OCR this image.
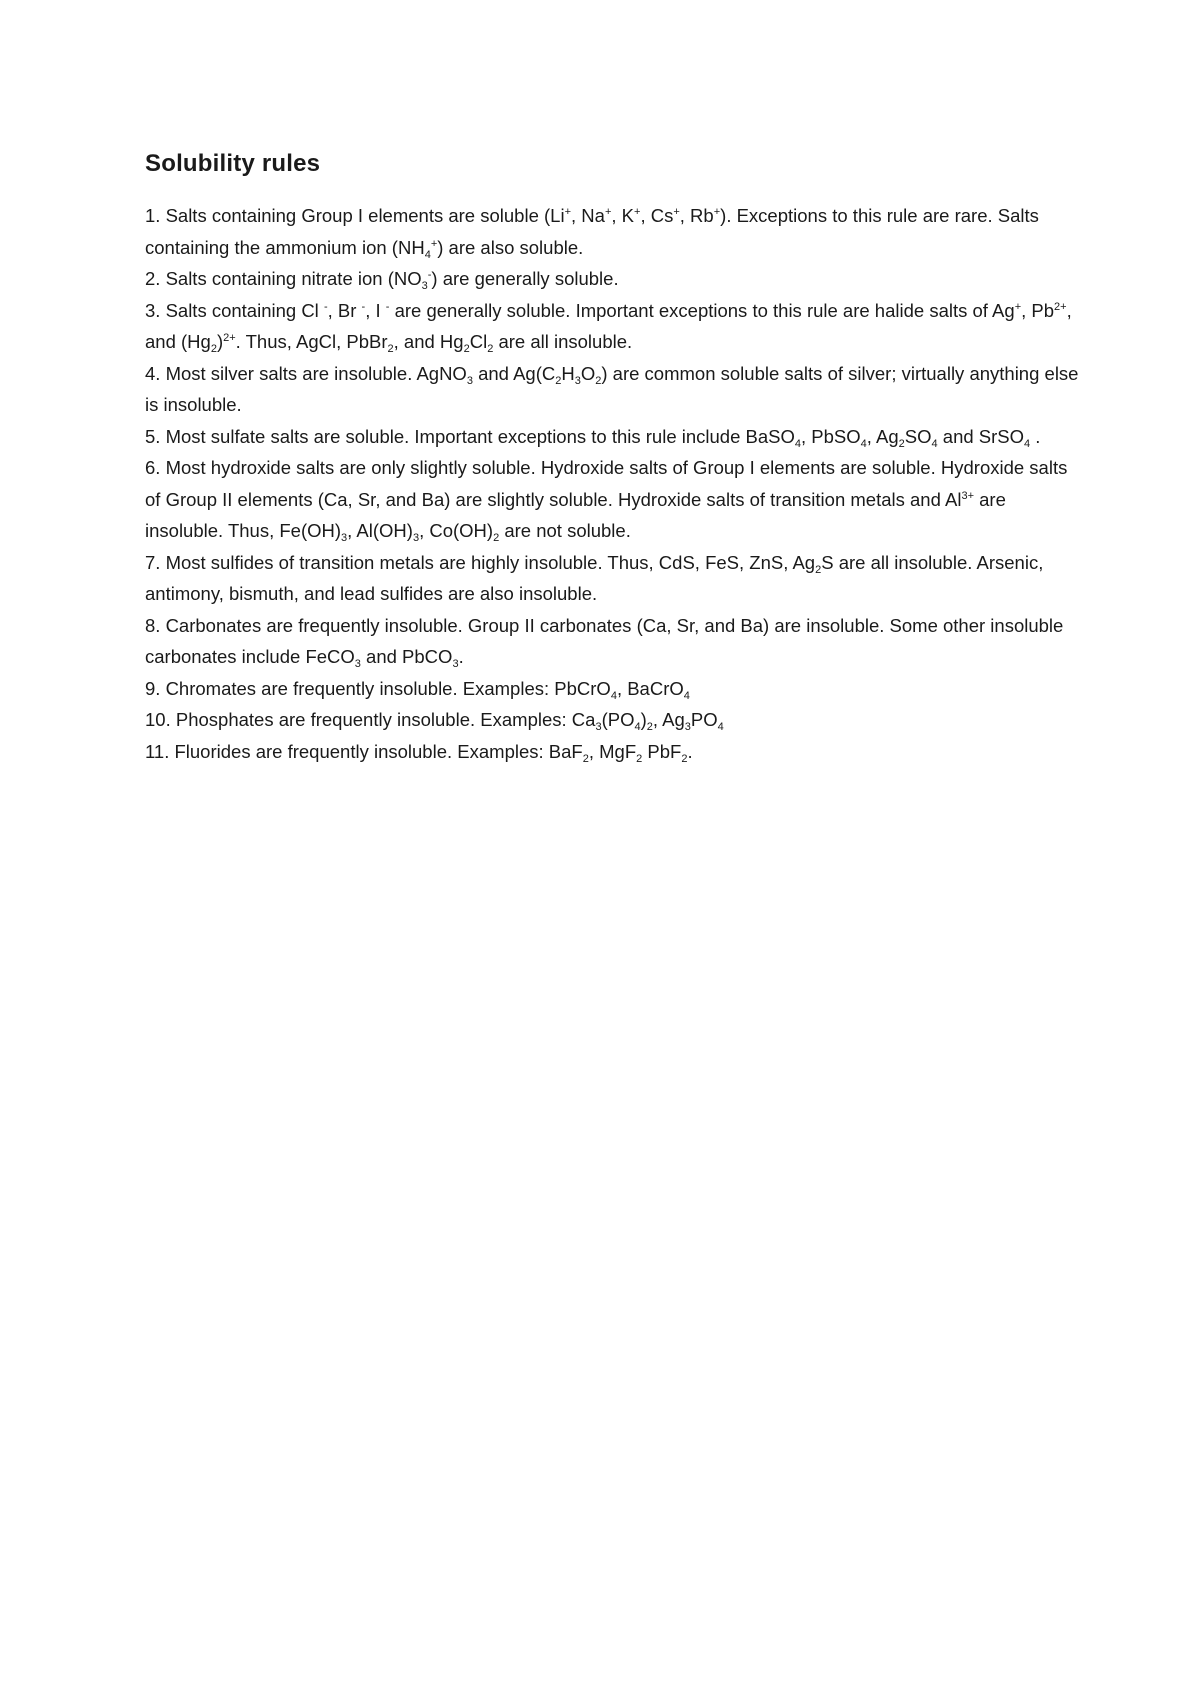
Solubility rules

1. Salts containing Group I elements are soluble (Li+, Na+, K+, Cs+, Rb+). Exceptions to this rule are rare. Salts containing the ammonium ion $(NH_4^+)$ are also soluble.

2. Salts containing nitrate ion $(NO_3^-)$ are generally soluble.

3. Salts containing Cl -, Br -, I - are generally soluble. Important exceptions to this rule are halide salts of Ag+, $Pb^{2+}$, and $(Hg_2)^{2+}$. Thus, AgCl, PbBr$_2$, and $Hg_2Cl_2$ are all insoluble.

4. Most silver salts are insoluble. AgNO$_3$ and $Ag(C_2H_3O_2)$ are common soluble salts of silver; virtually anything else is insoluble.

5. Most sulfate salts are soluble. Important exceptions to this rule include BaSO$_4$, PbSO$_4$, $Ag_2SO_4$ and SrSO$_4$ .

6. Most hydroxide salts are only slightly soluble. Hydroxide salts of Group I elements are soluble. Hydroxide salts of Group II elements (Ca, Sr, and Ba) are slightly soluble. Hydroxide salts of transition metals and $Al^{3+}$ are insoluble. Thus, $Fe(OH)_3$, $Al(OH)_3$, $Co(OH)_2$ are not soluble.

7. Most sulfides of transition metals are highly insoluble. Thus, CdS, FeS, ZnS, $Ag_2S$ are all insoluble. Arsenic, antimony, bismuth, and lead sulfides are also insoluble.

8. Carbonates are frequently insoluble. Group II carbonates (Ca, Sr, and Ba) are insoluble. Some other insoluble carbonates include FeCO$_3$ and PbCO$_3$.

9. Chromates are frequently insoluble. Examples: PbCrO$_4$, BaCrO$_4$

10. Phosphates are frequently insoluble. Examples: $Ca_3(PO_4)_2$, $Ag_3PO_4$

11. Fluorides are frequently insoluble. Examples: BaF$_2$, MgF$_2$ PbF$_2$.
